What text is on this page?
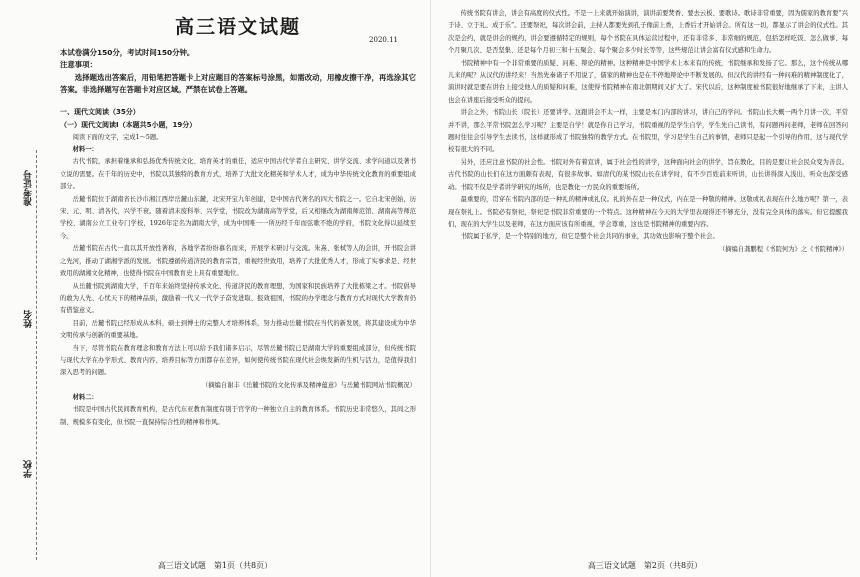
准考证号
姓名
学校
高三语文试题
2020.11
本试卷满分150分，考试时间150分钟。
注意事项：

选择题选出答案后，用铅笔把答题卡上对应题目的答案标号涂黑，如需改动，用橡皮擦干净，再选涂其它答案。非选择题写在答题卡对应区域。严禁在试卷上答题。

一、现代文阅读（35分）
（一）现代文阅读Ⅰ（本题共5小题，19分）

阅读下面的文字，完成1～5题。

材料一：

古代书院，承担着继承和弘扬优秀传统文化、培育英才的重任，适应中国古代学者自主研究、讲学交流、求学问道以及著书立说的需要。在千年的历史中，书院以其独特的教育方式，培养了大批文化精英和学术人才，成为中华传统文化教育的重要组成部分。

岳麓书院位于湖南省长沙市湘江西岸岳麓山东麓，北宋开宝九年创建，是中国古代著名的四大书院之一。它自北宋创始，历宋、元、明、清各代，兴学不衰。随着清末废科举、兴学堂，书院改为湖南高等学堂，后又相继改为湖南师范馆、湖南高等师范学校、湖南公立工业专门学校，1926年定名为湖南大学，成为中国唯一一所历经千年而弦歌不绝的学府，书院文化得以延续至今。

岳麓书院在古代一直以其开放性著称，各地学者纷纷慕名而来，开展学术研讨与交流。朱熹、张栻等人的会讲，开书院会讲之先河，推动了湖湘学派的发展。书院遵循传道济民的教育宗旨，重视经世致用，培养了大批优秀人才，形成了实事求是、经世致用的湖湘文化精神，也使得书院在中国教育史上具有重要地位。

从岳麓书院到湖南大学，千百年来始终坚持传承文化、传道济民的教育理想，为国家和民族培养了大批栋梁之才。书院倡导的敢为人先、心忧天下的精神品质，激励着一代又一代学子奋发进取、报效祖国，书院的办学理念与教育方式对现代大学教育仍有借鉴意义。

目前，岳麓书院已经形成从本科、硕士到博士的完整人才培养体系，努力推动岳麓书院在当代的新发展，将其建设成为中华文明传承与创新的重要基地。

当下，尽管书院在教育理念和教育方法上可以给予我们诸多启示，尽管岳麓书院已是湖南大学的重要组成部分，但传统书院与现代大学在办学形式、教育内容、培养目标等方面都存在差异，如何使传统书院在现代社会焕发新的生机与活力，是值得我们深入思考的问题。

（摘编自谢丰《岳麓书院的文化传承及精神蕴意》与岳麓书院网站书院概况）

材料二：

书院是中国古代民间教育机构，是古代东亚教育制度有别于官学的一种独立自主的教育体系。书院历史非常悠久，其间之形制、规模多有变化，但书院一直保持综合性的精神和作风。

高三语文试题　第1页（共8页）

传统书院有讲会，讲会有高度的仪式性。不是一上来就开始演讲，演讲前要焚香、要去云板、要歌诗。歌诗非常重要，因为儒家的教育要“兴于诗、立于礼、成于乐”。还要祭祀，每次讲会前，主持人都要先到孔子像前上香，上香后才开始讲会。所有这一切，都显示了讲会的仪式性。其次是会约，就是讲会的规约，讲会要遵循特定的规则，每个书院在具体运营过程中，还有非常多、非常细的规范，包括怎样吃饭、怎么做事、每个月聚几次、是否坚集、还是每个月初三和十五聚会、每个聚会多少时长等等，这些规范让讲会富有仪式感和生命力。

书院精神中有一个非常重要的质疑、问难、辩论的精神。这种精神是中国学术上本来有的传统，书院继承和发扬了它。那么，这个传统从哪儿来的呢？从汉代的讲经来！当然先秦诸子不用说了，儒家的精神也是在不停地辩论中不断发展的。但汉代的讲经有一种问难的精神制度化了，演讲时就是要在讲台上接受他人的质疑和问难，这使得书院精神在南北朝期间又扩大了。宋代以后，这种制度被书院很好地继承了下来，主讲人也会在讲座后接受听众的提问。

讲会之外，书院山长（院长）还要讲学。这跟讲会不太一样，主要是本门内部的讲习，讲自己的学问。书院山长大概一两个月讲一次，平常并不讲，那么平常书院怎么学习呢？主要是自学！就是你自己学习，书院重视的是学生自学，学生先自己读书，有问题再问老师，老师在回答问题时往往会引导学生去读书，这样就形成了书院独特的教学方式。在书院里，学习是学生自己的事情，老师只是起一个引导的作用，这与现代学校有很大的不同。

另外，还应注意书院的社会性。书院对外有着宣讲，属于社会性的讲学，这种面向社会的讲学，旨在教化，目的是要让社会民众变为善良。古代书院的山长们在这方面颇有表现，有很多故事。如清代的某书院山长在讲学时，有不少百姓前来听讲，山长讲得深入浅出，听众也深受感动。书院不仅是学者讲学研究的场所，也是教化一方民众的重要场所。

最重要的，贯穿在书院内部的是一种礼的精神或礼仪。礼的外在是一种仪式，内在是一种敬的精神。这敬或礼表现在什么地方呢？第一，表现在祭礼上。书院必有祭祀，祭祀是书院非常重要的一个特点。这种精神在今天的大学里表现得还不够充分，没有完全具体的落实。但它提醒我们，现在的大学生以及老师，在这方面应该有所重视，学会尊重，这也是书院精神的重要内容。

书院属于私学，是一个特别的地方，但它是整个社会共同的事业，其功效也影响于整个社会。

（摘编自龚鹏程《书院何为》之《书院精神》）
高三语文试题　第2页（共8页）
